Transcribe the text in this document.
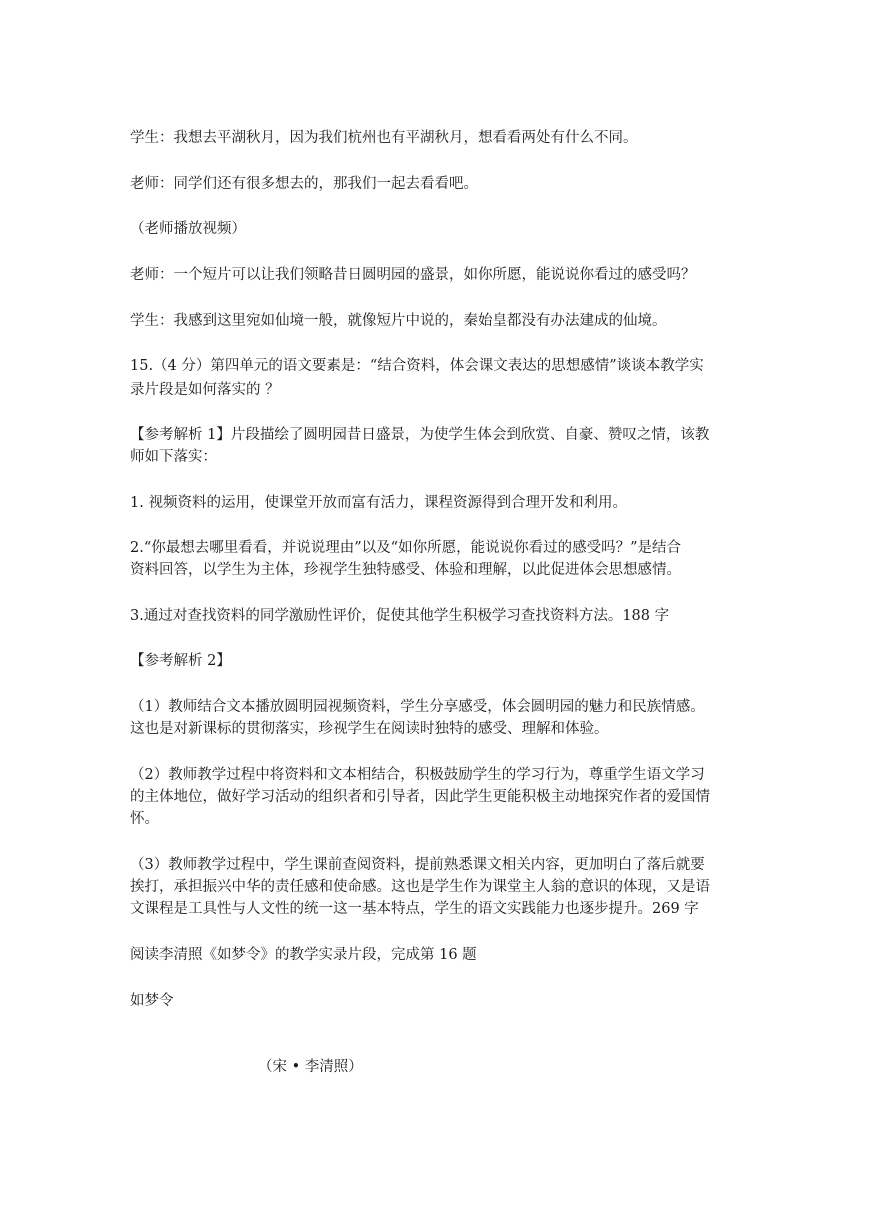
学生：我想去平湖秋月，因为我们杭州也有平湖秋月，想看看两处有什么不同。
老师：同学们还有很多想去的，那我们一起去看看吧。
（老师播放视频）
老师：一个短片可以让我们领略昔日圆明园的盛景，如你所愿，能说说你看过的感受吗？
学生：我感到这里宛如仙境一般，就像短片中说的，秦始皇都没有办法建成的仙境。
15.（4 分）第四单元的语文要素是：“结合资料，体会课文表达的思想感情”谈谈本教学实
录片段是如何落实的 ？
【参考解析 1】片段描绘了圆明园昔日盛景，为使学生体会到欣赏、自豪、赞叹之情，该教
师如下落实：
1. 视频资料的运用，使课堂开放而富有活力，课程资源得到合理开发和利用。
2.“你最想去哪里看看，并说说理由”以及“如你所愿，能说说你看过的感受吗？”是结合
资料回答，以学生为主体，珍视学生独特感受、体验和理解，以此促进体会思想感情。
3.通过对查找资料的同学激励性评价，促使其他学生积极学习查找资料方法。188 字
【参考解析 2】
（1）教师结合文本播放圆明园视频资料，学生分享感受，体会圆明园的魅力和民族情感。
这也是对新课标的贯彻落实，珍视学生在阅读时独特的感受、理解和体验。
（2）教师教学过程中将资料和文本相结合，积极鼓励学生的学习行为，尊重学生语文学习
的主体地位，做好学习活动的组织者和引导者，因此学生更能积极主动地探究作者的爱国情
怀。
（3）教师教学过程中，学生课前查阅资料，提前熟悉课文相关内容，更加明白了落后就要
挨打，承担振兴中华的责任感和使命感。这也是学生作为课堂主人翁的意识的体现，又是语
文课程是工具性与人文性的统一这一基本特点，学生的语文实践能力也逐步提升。269 字
阅读李清照《如梦令》的教学实录片段，完成第 16 题
如梦令
（宋 • 李清照）
